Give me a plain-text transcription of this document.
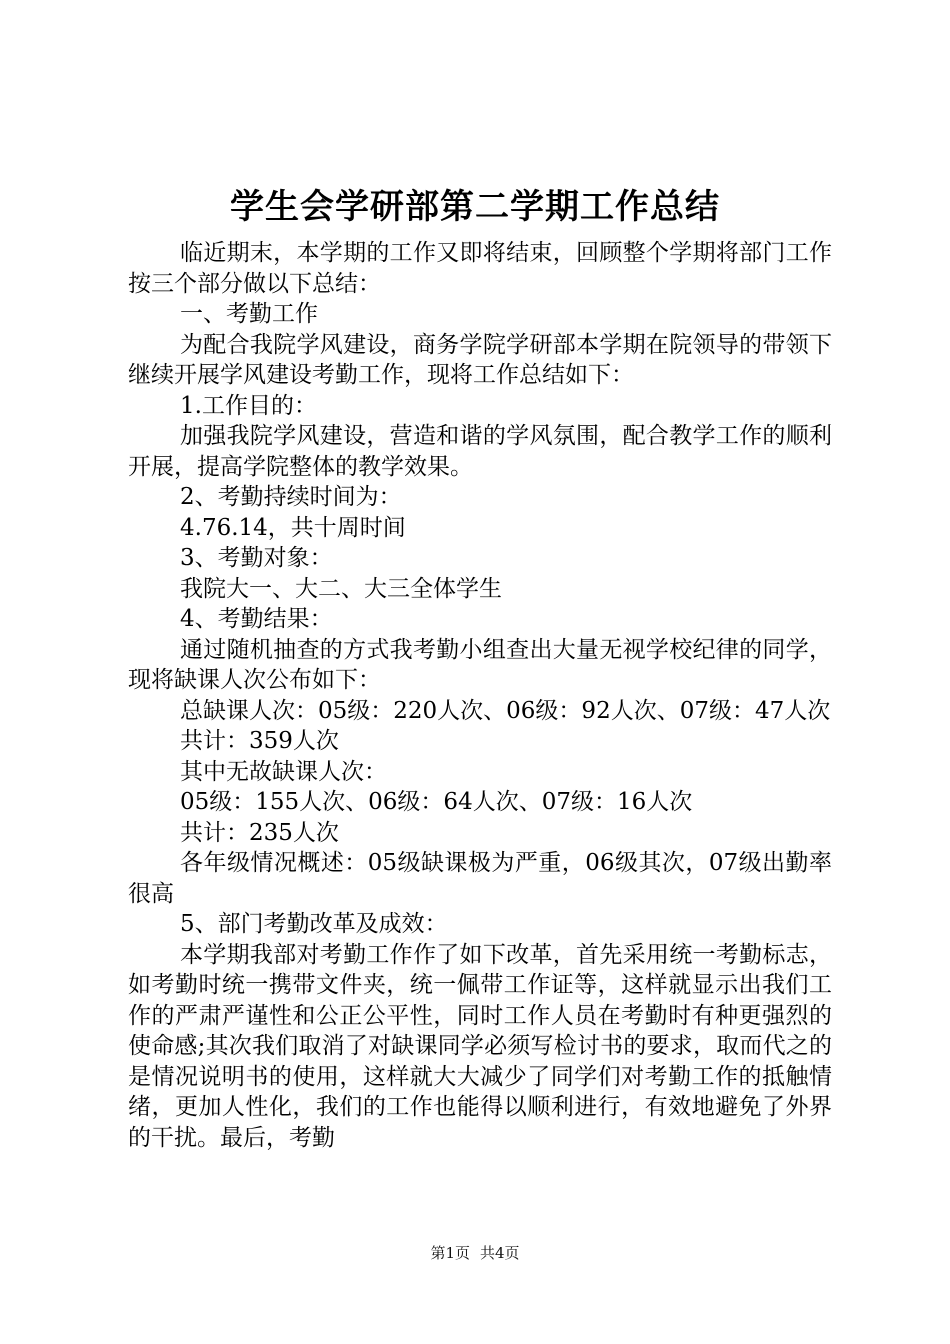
学生会学研部第二学期工作总结

临近期末，本学期的工作又即将结束，回顾整个学期将部门工作按三个部分做以下总结：

一、考勤工作

为配合我院学风建设，商务学院学研部本学期在院领导的带领下继续开展学风建设考勤工作，现将工作总结如下：

1.工作目的：

加强我院学风建设，营造和谐的学风氛围，配合教学工作的顺利开展，提高学院整体的教学效果。

2、考勤持续时间为：

4.76.14，共十周时间

3、考勤对象：

我院大一、大二、大三全体学生

4、考勤结果：

通过随机抽查的方式我考勤小组查出大量无视学校纪律的同学，现将缺课人次公布如下：

总缺课人次：05级：220人次、06级：92人次、07级：47人次

共计：359人次

其中无故缺课人次：

05级：155人次、06级：64人次、07级：16人次

共计：235人次

各年级情况概述：05级缺课极为严重，06级其次，07级出勤率很高

5、部门考勤改革及成效：

本学期我部对考勤工作作了如下改革，首先采用统一考勤标志，如考勤时统一携带文件夹，统一佩带工作证等，这样就显示出我们工作的严肃严谨性和公正公平性，同时工作人员在考勤时有种更强烈的使命感;其次我们取消了对缺课同学必须写检讨书的要求，取而代之的是情况说明书的使用，这样就大大减少了同学们对考勤工作的抵触情绪，更加人性化，我们的工作也能得以顺利进行，有效地避免了外界的干扰。最后，考勤

第1页 共4页
